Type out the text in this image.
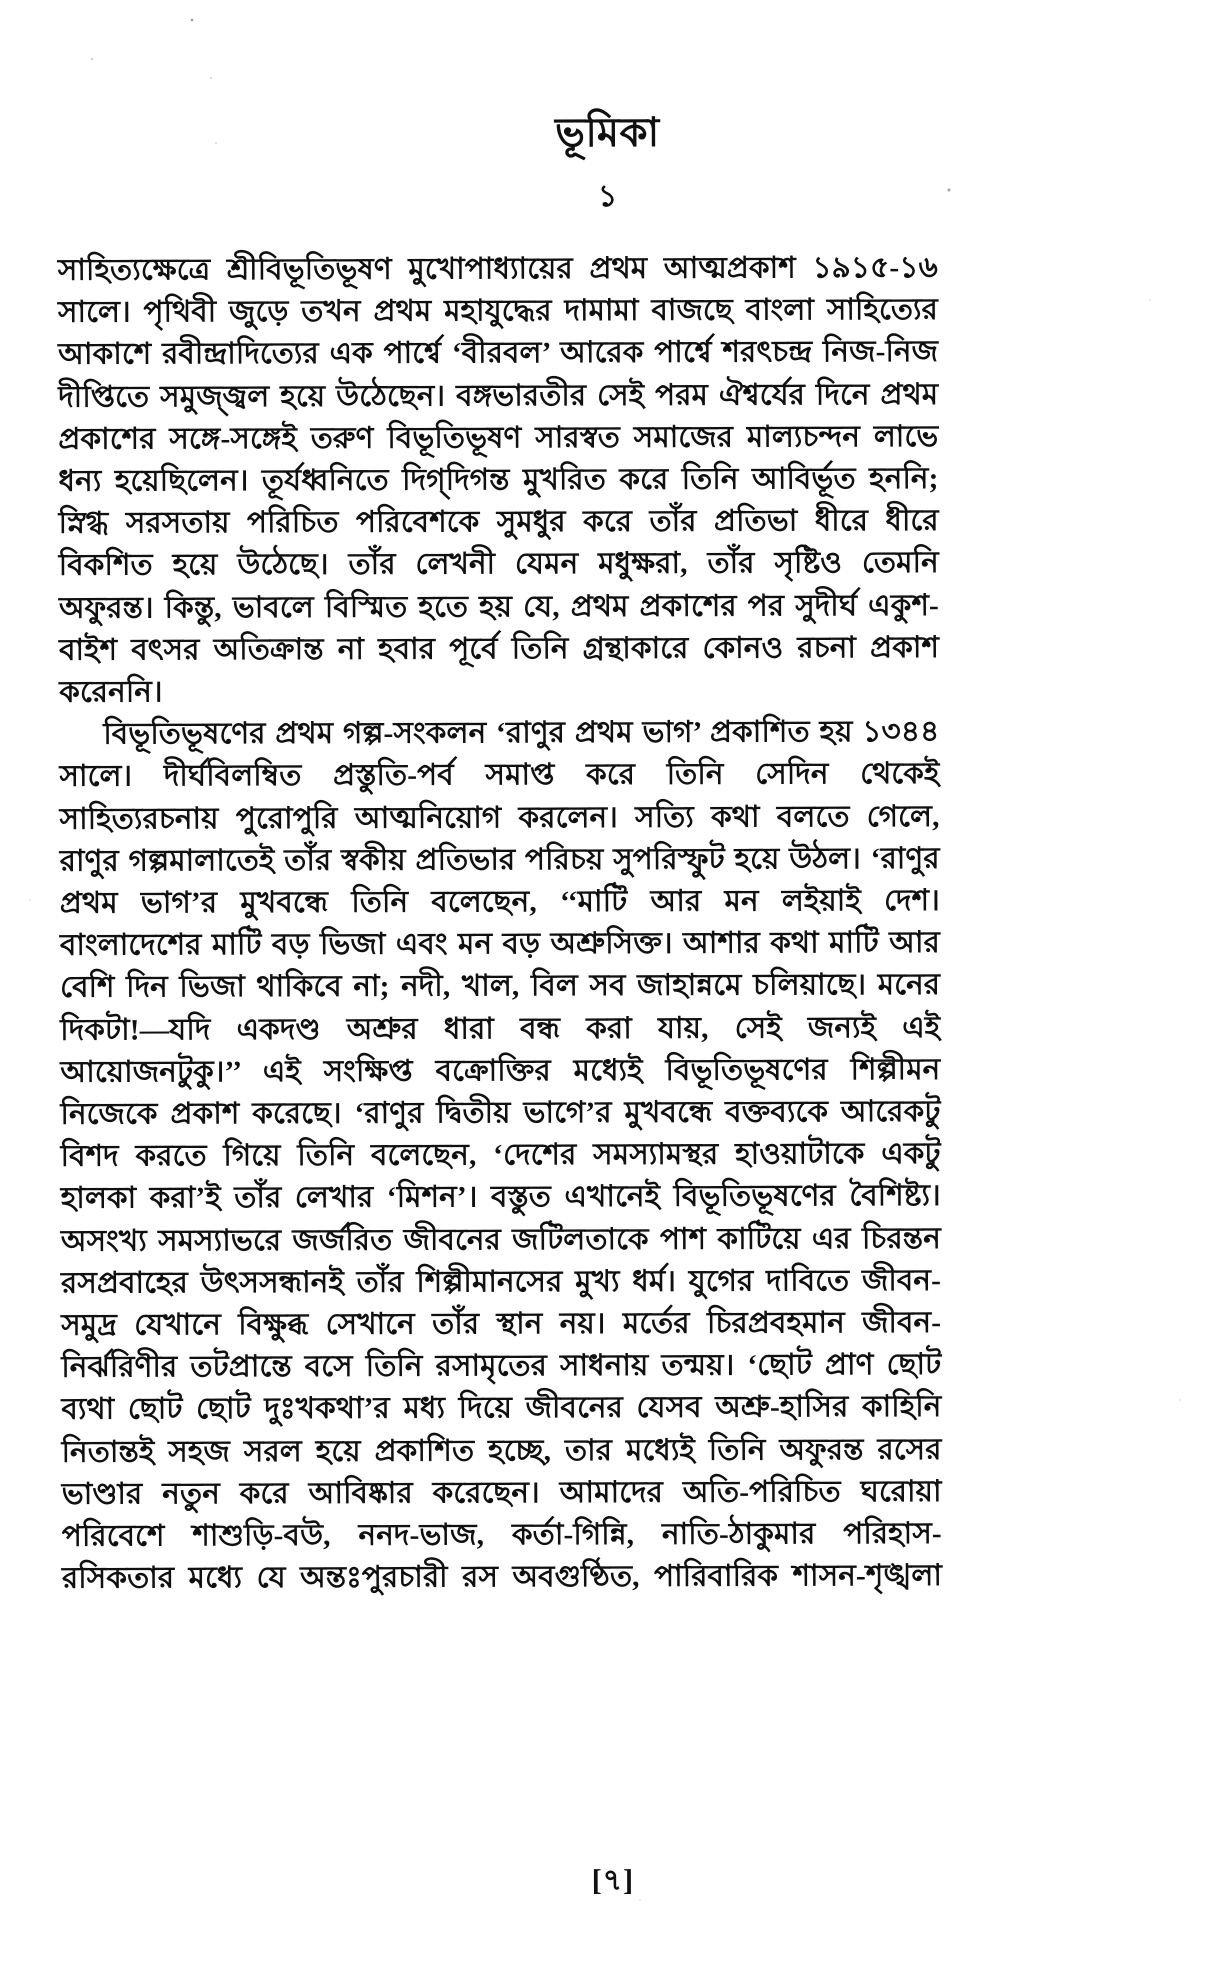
ভূমিকা
১

সাহিত্যক্ষেত্রে শ্রীবিভূতিভূষণ মুখোপাধ্যায়ের প্রথম আত্মপ্রকাশ ১৯১৫-১৬ সালে। পৃথিবী জুড়ে তখন প্রথম মহাযুদ্ধের দামামা বাজছে বাংলা সাহিত্যের আকাশে রবীন্দ্রাদিত্যের এক পার্শ্বে ‘বীরবল’ আরেক পার্শ্বে শরৎচন্দ্র নিজ-নিজ দীপ্তিতে সমুজ্জ্বল হয়ে উঠেছেন। বঙ্গভারতীর সেই পরম ঐশ্বর্যের দিনে প্রথম প্রকাশের সঙ্গে-সঙ্গেই তরুণ বিভূতিভূষণ সারস্বত সমাজের মাল্যচন্দন লাভে ধন্য হয়েছিলেন। তূর্যধ্বনিতে দিগ্‌দিগন্ত মুখরিত করে তিনি আবির্ভূত হননি; স্নিগ্ধ সরসতায় পরিচিত পরিবেশকে সুমধুর করে তাঁর প্রতিভা ধীরে ধীরে বিকশিত হয়ে উঠেছে। তাঁর লেখনী যেমন মধুক্ষরা, তাঁর সৃষ্টিও তেমনি অফুরন্ত। কিন্তু, ভাবলে বিস্মিত হতে হয় যে, প্রথম প্রকাশের পর সুদীর্ঘ একুশ-বাইশ বৎসর অতিক্রান্ত না হবার পূর্বে তিনি গ্রন্থাকারে কোনও রচনা প্রকাশ করেননি।

বিভূতিভূষণের প্রথম গল্প-সংকলন ‘রাণুর প্রথম ভাগ’ প্রকাশিত হয় ১৩৪৪ সালে। দীর্ঘবিলম্বিত প্রস্তুতি-পর্ব সমাপ্ত করে তিনি সেদিন থেকেই সাহিত্যরচনায় পুরোপুরি আত্মনিয়োগ করলেন। সত্যি কথা বলতে গেলে, রাণুর গল্পমালাতেই তাঁর স্বকীয় প্রতিভার পরিচয় সুপরিস্ফুট হয়ে উঠল। ‘রাণুর প্রথম ভাগ’র মুখবন্ধে তিনি বলেছেন, ‘‘মাটি আর মন লইয়াই দেশ। বাংলাদেশের মাটি বড় ভিজা এবং মন বড় অশ্রুসিক্ত। আশার কথা মাটি আর বেশি দিন ভিজা থাকিবে না; নদী, খাল, বিল সব জাহান্নমে চলিয়াছে। মনের দিকটা!—যদি একদণ্ড অশ্রুর ধারা বন্ধ করা যায়, সেই জন্যই এই আয়োজনটুকু।’’ এই সংক্ষিপ্ত বক্রোক্তির মধ্যেই বিভূতিভূষণের শিল্পীমন নিজেকে প্রকাশ করেছে। ‘রাণুর দ্বিতীয় ভাগে’র মুখবন্ধে বক্তব্যকে আরেকটু বিশদ করতে গিয়ে তিনি বলেছেন, ‘দেশের সমস্যামস্থর হাওয়াটাকে একটু হালকা করা’ই তাঁর লেখার ‘মিশন’। বস্তুত এখানেই বিভূতিভূষণের বৈশিষ্ট্য। অসংখ্য সমস্যাভরে জর্জরিত জীবনের জটিলতাকে পাশ কাটিয়ে এর চিরন্তন রসপ্রবাহের উৎসসন্ধানই তাঁর শিল্পীমানসের মুখ্য ধর্ম। যুগের দাবিতে জীবন-সমুদ্র যেখানে বিক্ষুব্ধ সেখানে তাঁর স্থান নয়। মর্তের চিরপ্রবহমান জীবন-নির্ঝরিণীর তটপ্রান্তে বসে তিনি রসামৃতের সাধনায় তন্ময়। ‘ছোট প্রাণ ছোট ব্যথা ছোট ছোট দুঃখকথা’র মধ্য দিয়ে জীবনের যেসব অশ্রু-হাসির কাহিনি নিতান্তই সহজ সরল হয়ে প্রকাশিত হচ্ছে, তার মধ্যেই তিনি অফুরন্ত রসের ভাণ্ডার নতুন করে আবিষ্কার করেছেন। আমাদের অতি-পরিচিত ঘরোয়া পরিবেশে শাশুড়ি-বউ, ননদ-ভাজ, কর্তা-গিন্নি, নাতি-ঠাকুমার পরিহাস-রসিকতার মধ্যে যে অন্তঃপুরচারী রস অবগুণ্ঠিত, পারিবারিক শাসন-শৃঙ্খলা

[৭]
